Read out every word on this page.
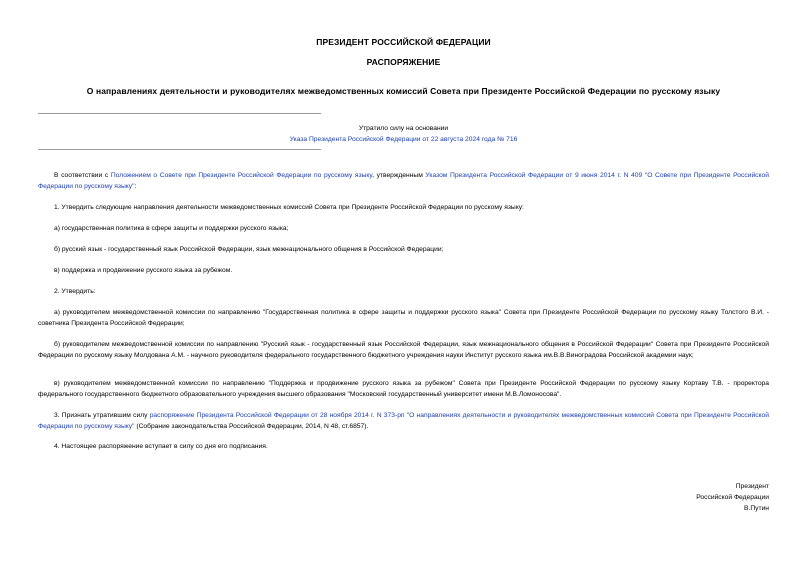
ПРЕЗИДЕНТ РОССИЙСКОЙ ФЕДЕРАЦИИ
РАСПОРЯЖЕНИЕ
О направлениях деятельности и руководителях межведомственных комиссий Совета при Президенте Российской Федерации по русскому языку
Утратило силу на основании
Указа Президента Российской Федерации от 22 августа 2024 года № 716
В соответствии с Положением о Совете при Президенте Российской Федерации по русскому языку, утвержденным Указом Президента Российской Федерации от 9 июня 2014 г. N 409 "О Совете при Президенте Российской Федерации по русскому языку":
1. Утвердить следующие направления деятельности межведомственных комиссий Совета при Президенте Российской Федерации по русскому языку:
а) государственная политика в сфере защиты и поддержки русского языка;
б) русский язык - государственный язык Российской Федерации, язык межнационального общения в Российской Федерации;
в) поддержка и продвижение русского языка за рубежом.
2. Утвердить:
а) руководителем межведомственной комиссии по направлению "Государственная политика в сфере защиты и поддержки русского языка" Совета при Президенте Российской Федерации по русскому языку Толстого В.И. - советника Президента Российской Федерации;
б) руководителем межведомственной комиссии по направлению "Русский язык - государственный язык Российской Федерации, язык межнационального общения в Российской Федерации" Совета при Президенте Российской Федерации по русскому языку Молдована А.М. - научного руководителя федерального государственного бюджетного учреждения науки Институт русского языка им.В.В.Виноградова Российской академии наук;
в) руководителем межведомственной комиссии по направлению "Поддержка и продвижение русского языка за рубежом" Совета при Президенте Российской Федерации по русскому языку Кортаву Т.В. - проректора федерального государственного бюджетного образовательного учреждения высшего образования "Московский государственный университет имени М.В.Ломоносова".
3. Признать утратившим силу распоряжение Президента Российской Федерации от 28 ноября 2014 г. N 373-рп "О направлениях деятельности и руководителях межведомственных комиссий Совета при Президенте Российской Федерации по русскому языку" (Собрание законодательства Российской Федерации, 2014, N 48, ст.6857).
4. Настоящее распоряжение вступает в силу со дня его подписания.
Президент
Российской Федерации
В.Путин
